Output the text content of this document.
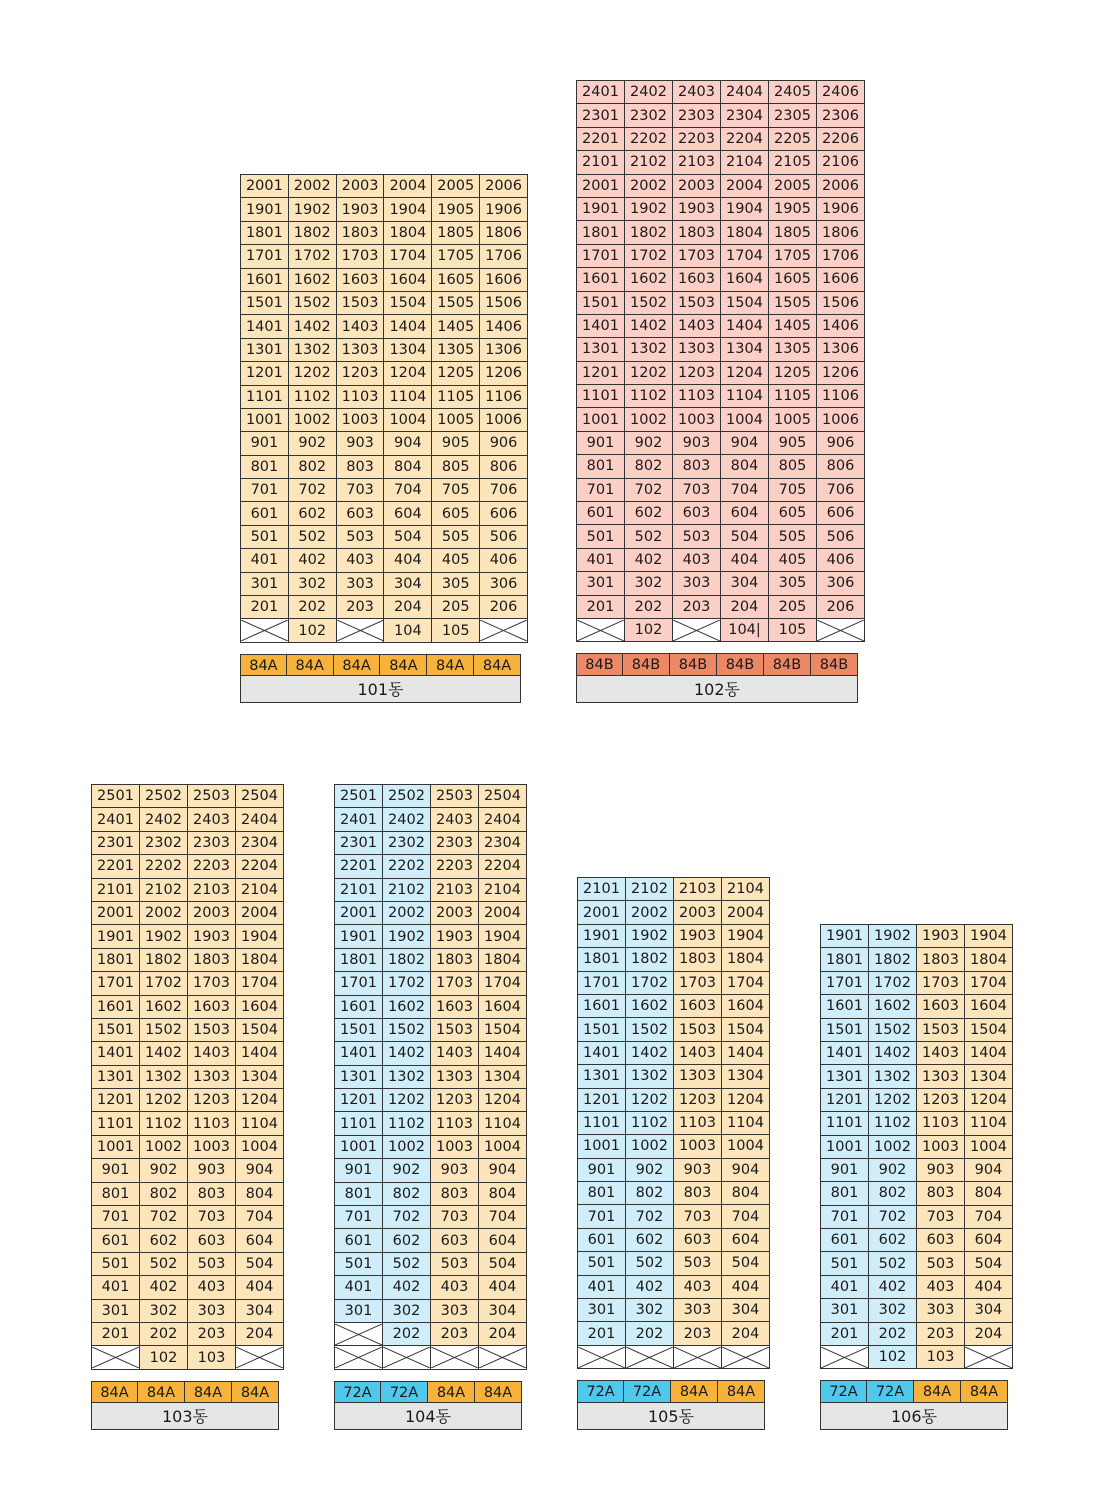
2001	2002	2003	2004	2005	2006
1901	1902	1903	1904	1905	1906
1801	1802	1803	1804	1805	1806
1701	1702	1703	1704	1705	1706
1601	1602	1603	1604	1605	1606
1501	1502	1503	1504	1505	1506
1401	1402	1403	1404	1405	1406
1301	1302	1303	1304	1305	1306
1201	1202	1203	1204	1205	1206
1101	1102	1103	1104	1105	1106
1001	1002	1003	1004	1005	1006
901	902	903	904	905	906
801	802	803	804	805	806
701	702	703	704	705	706
601	602	603	604	605	606
501	502	503	504	505	506
401	402	403	404	405	406
301	302	303	304	305	306
201	202	203	204	205	206

	102		104	105	
84A	84A	84A	84A	84A	84A
101동
2401	2402	2403	2404	2405	2406
2301	2302	2303	2304	2305	2306
2201	2202	2203	2204	2205	2206
2101	2102	2103	2104	2105	2106
2001	2002	2003	2004	2005	2006
1901	1902	1903	1904	1905	1906
1801	1802	1803	1804	1805	1806
1701	1702	1703	1704	1705	1706
1601	1602	1603	1604	1605	1606
1501	1502	1503	1504	1505	1506
1401	1402	1403	1404	1405	1406
1301	1302	1303	1304	1305	1306
1201	1202	1203	1204	1205	1206
1101	1102	1103	1104	1105	1106
1001	1002	1003	1004	1005	1006
901	902	903	904	905	906
801	802	803	804	805	806
701	702	703	704	705	706
601	602	603	604	605	606
501	502	503	504	505	506
401	402	403	404	405	406
301	302	303	304	305	306
201	202	203	204	205	206

	102		104|	105	
84B	84B	84B	84B	84B	84B
102동
2501	2502	2503	2504
2401	2402	2403	2404
2301	2302	2303	2304
2201	2202	2203	2204
2101	2102	2103	2104
2001	2002	2003	2004
1901	1902	1903	1904
1801	1802	1803	1804
1701	1702	1703	1704
1601	1602	1603	1604
1501	1502	1503	1504
1401	1402	1403	1404
1301	1302	1303	1304
1201	1202	1203	1204
1101	1102	1103	1104
1001	1002	1003	1004
901	902	903	904
801	802	803	804
701	702	703	704
601	602	603	604
501	502	503	504
401	402	403	404
301	302	303	304
201	202	203	204

	102	103	
84A	84A	84A	84A
103동
2501	2502	2503	2504
2401	2402	2403	2404
2301	2302	2303	2304
2201	2202	2203	2204
2101	2102	2103	2104
2001	2002	2003	2004
1901	1902	1903	1904
1801	1802	1803	1804
1701	1702	1703	1704
1601	1602	1603	1604
1501	1502	1503	1504
1401	1402	1403	1404
1301	1302	1303	1304
1201	1202	1203	1204
1101	1102	1103	1104
1001	1002	1003	1004
901	902	903	904
801	802	803	804
701	702	703	704
601	602	603	604
501	502	503	504
401	402	403	404
301	302	303	304

	202	203	204

72A	72A	84A	84A
104동
2101	2102	2103	2104
2001	2002	2003	2004
1901	1902	1903	1904
1801	1802	1803	1804
1701	1702	1703	1704
1601	1602	1603	1604
1501	1502	1503	1504
1401	1402	1403	1404
1301	1302	1303	1304
1201	1202	1203	1204
1101	1102	1103	1104
1001	1002	1003	1004
901	902	903	904
801	802	803	804
701	702	703	704
601	602	603	604
501	502	503	504
401	402	403	404
301	302	303	304
201	202	203	204

72A	72A	84A	84A
105동
1901	1902	1903	1904
1801	1802	1803	1804
1701	1702	1703	1704
1601	1602	1603	1604
1501	1502	1503	1504
1401	1402	1403	1404
1301	1302	1303	1304
1201	1202	1203	1204
1101	1102	1103	1104
1001	1002	1003	1004
901	902	903	904
801	802	803	804
701	702	703	704
601	602	603	604
501	502	503	504
401	402	403	404
301	302	303	304
201	202	203	204

	102	103	
72A	72A	84A	84A
106동
